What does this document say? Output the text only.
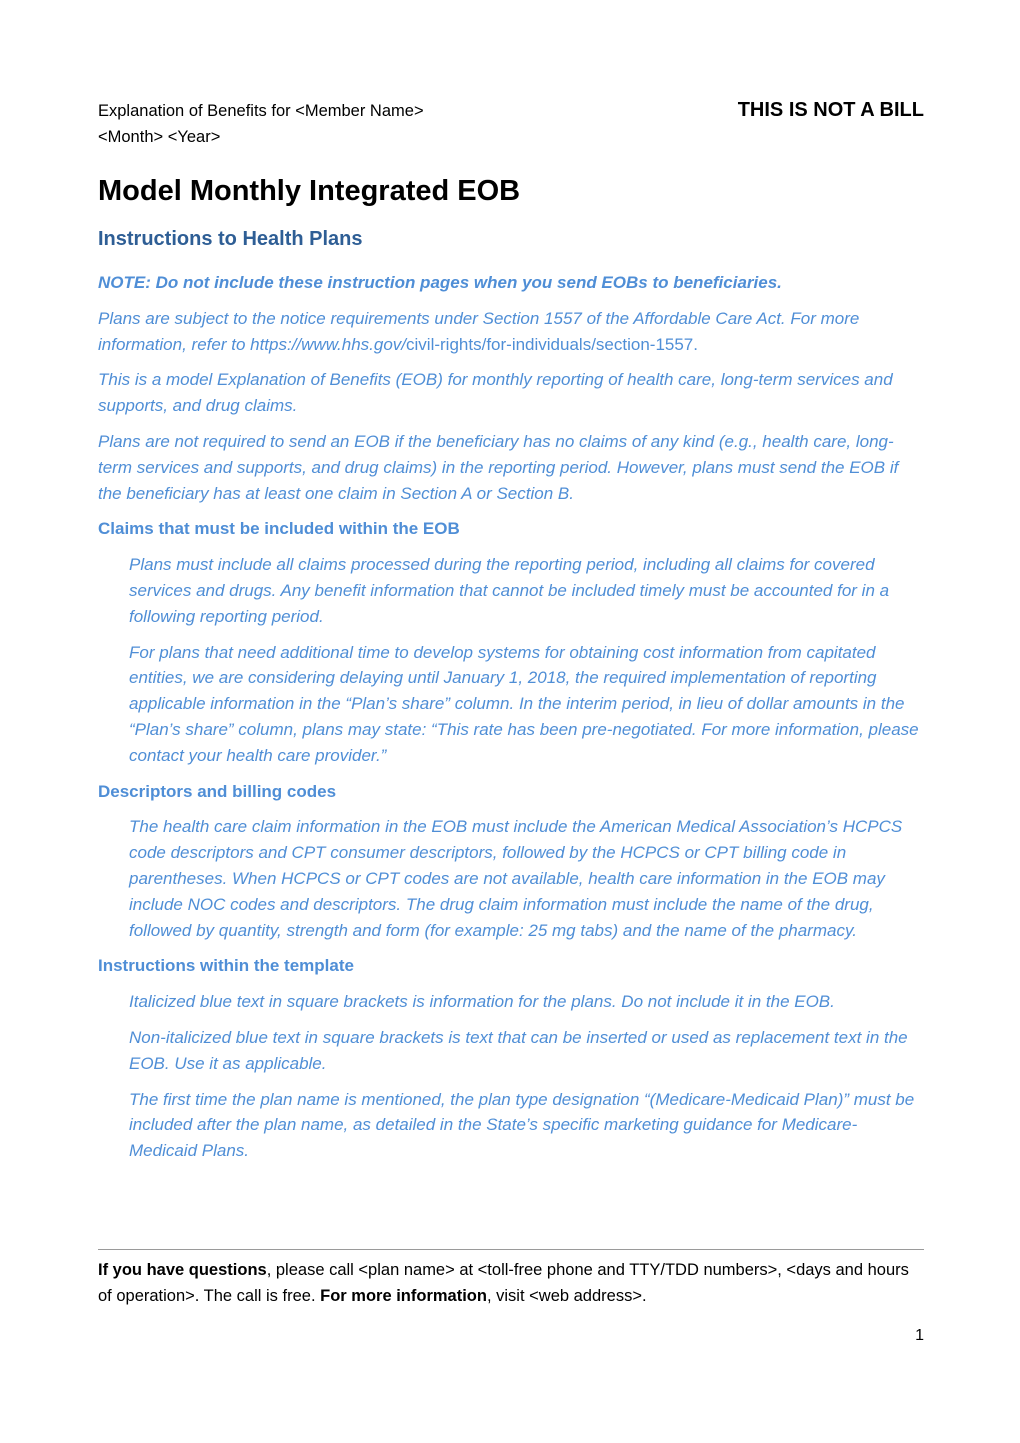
Explanation of Benefits for <Member Name>	THIS IS NOT A BILL
<Month> <Year>
Model Monthly Integrated EOB
Instructions to Health Plans

NOTE: Do not include these instruction pages when you send EOBs to beneficiaries.

Plans are subject to the notice requirements under Section 1557 of the Affordable Care Act. For more information, refer to https://www.hhs.gov/civil-rights/for-individuals/section-1557.

This is a model Explanation of Benefits (EOB) for monthly reporting of health care, long-term services and supports, and drug claims.

Plans are not required to send an EOB if the beneficiary has no claims of any kind (e.g., health care, long-term services and supports, and drug claims) in the reporting period. However, plans must send the EOB if the beneficiary has at least one claim in Section A or Section B.

Claims that must be included within the EOB

Plans must include all claims processed during the reporting period, including all claims for covered services and drugs. Any benefit information that cannot be included timely must be accounted for in a following reporting period.

For plans that need additional time to develop systems for obtaining cost information from capitated entities, we are considering delaying until January 1, 2018, the required implementation of reporting applicable information in the “Plan’s share” column. In the interim period, in lieu of dollar amounts in the “Plan’s share” column, plans may state: “This rate has been pre-negotiated. For more information, please contact your health care provider.”

Descriptors and billing codes

The health care claim information in the EOB must include the American Medical Association’s HCPCS code descriptors and CPT consumer descriptors, followed by the HCPCS or CPT billing code in parentheses. When HCPCS or CPT codes are not available, health care information in the EOB may include NOC codes and descriptors. The drug claim information must include the name of the drug, followed by quantity, strength and form (for example: 25 mg tabs) and the name of the pharmacy.

Instructions within the template

Italicized blue text in square brackets is information for the plans. Do not include it in the EOB.

Non-italicized blue text in square brackets is text that can be inserted or used as replacement text in the EOB. Use it as applicable.

The first time the plan name is mentioned, the plan type designation “(Medicare-Medicaid Plan)” must be included after the plan name, as detailed in the State’s specific marketing guidance for Medicare-Medicaid Plans.

If you have questions, please call <plan name> at <toll-free phone and TTY/TDD numbers>, <days and hours of operation>. The call is free. For more information, visit <web address>.
1
